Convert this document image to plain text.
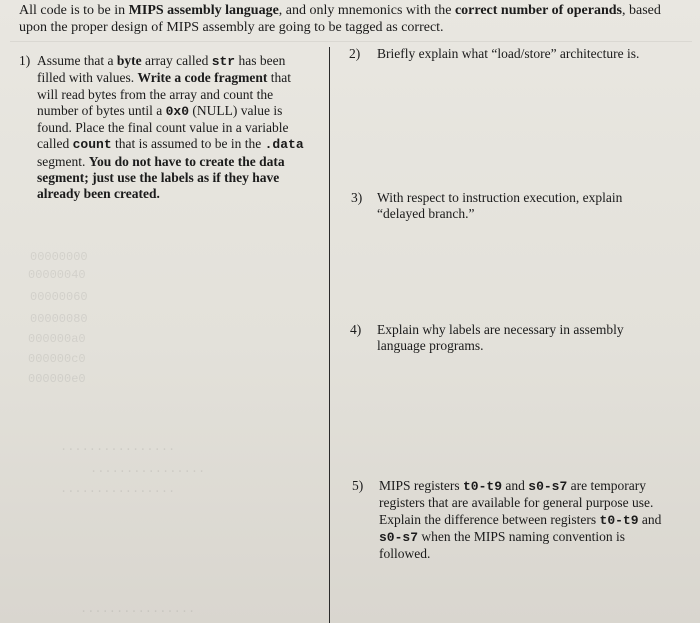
00000000
00000040
00000060
00000080
000000a0
000000c0
000000e0
................
................
................
................
All code is to be in MIPS assembly language, and only mnemonics with the correct number of operands, based upon the proper design of MIPS assembly are going to be tagged as correct.
1) Assume that a byte array called str has been filled with values. Write a code fragment that will read bytes from the array and count the number of bytes until a 0x0 (NULL) value is found. Place the final count value in a variable called count that is assumed to be in the .data segment. You do not have to create the data segment; just use the labels as if they have already been created.
2) Briefly explain what “load/store” architecture is.
3) With respect to instruction execution, explain “delayed branch.”
4) Explain why labels are necessary in assembly language programs.
5) MIPS registers t0-t9 and s0-s7 are temporary registers that are available for general purpose use. Explain the difference between registers t0-t9 and s0-s7 when the MIPS naming convention is followed.
